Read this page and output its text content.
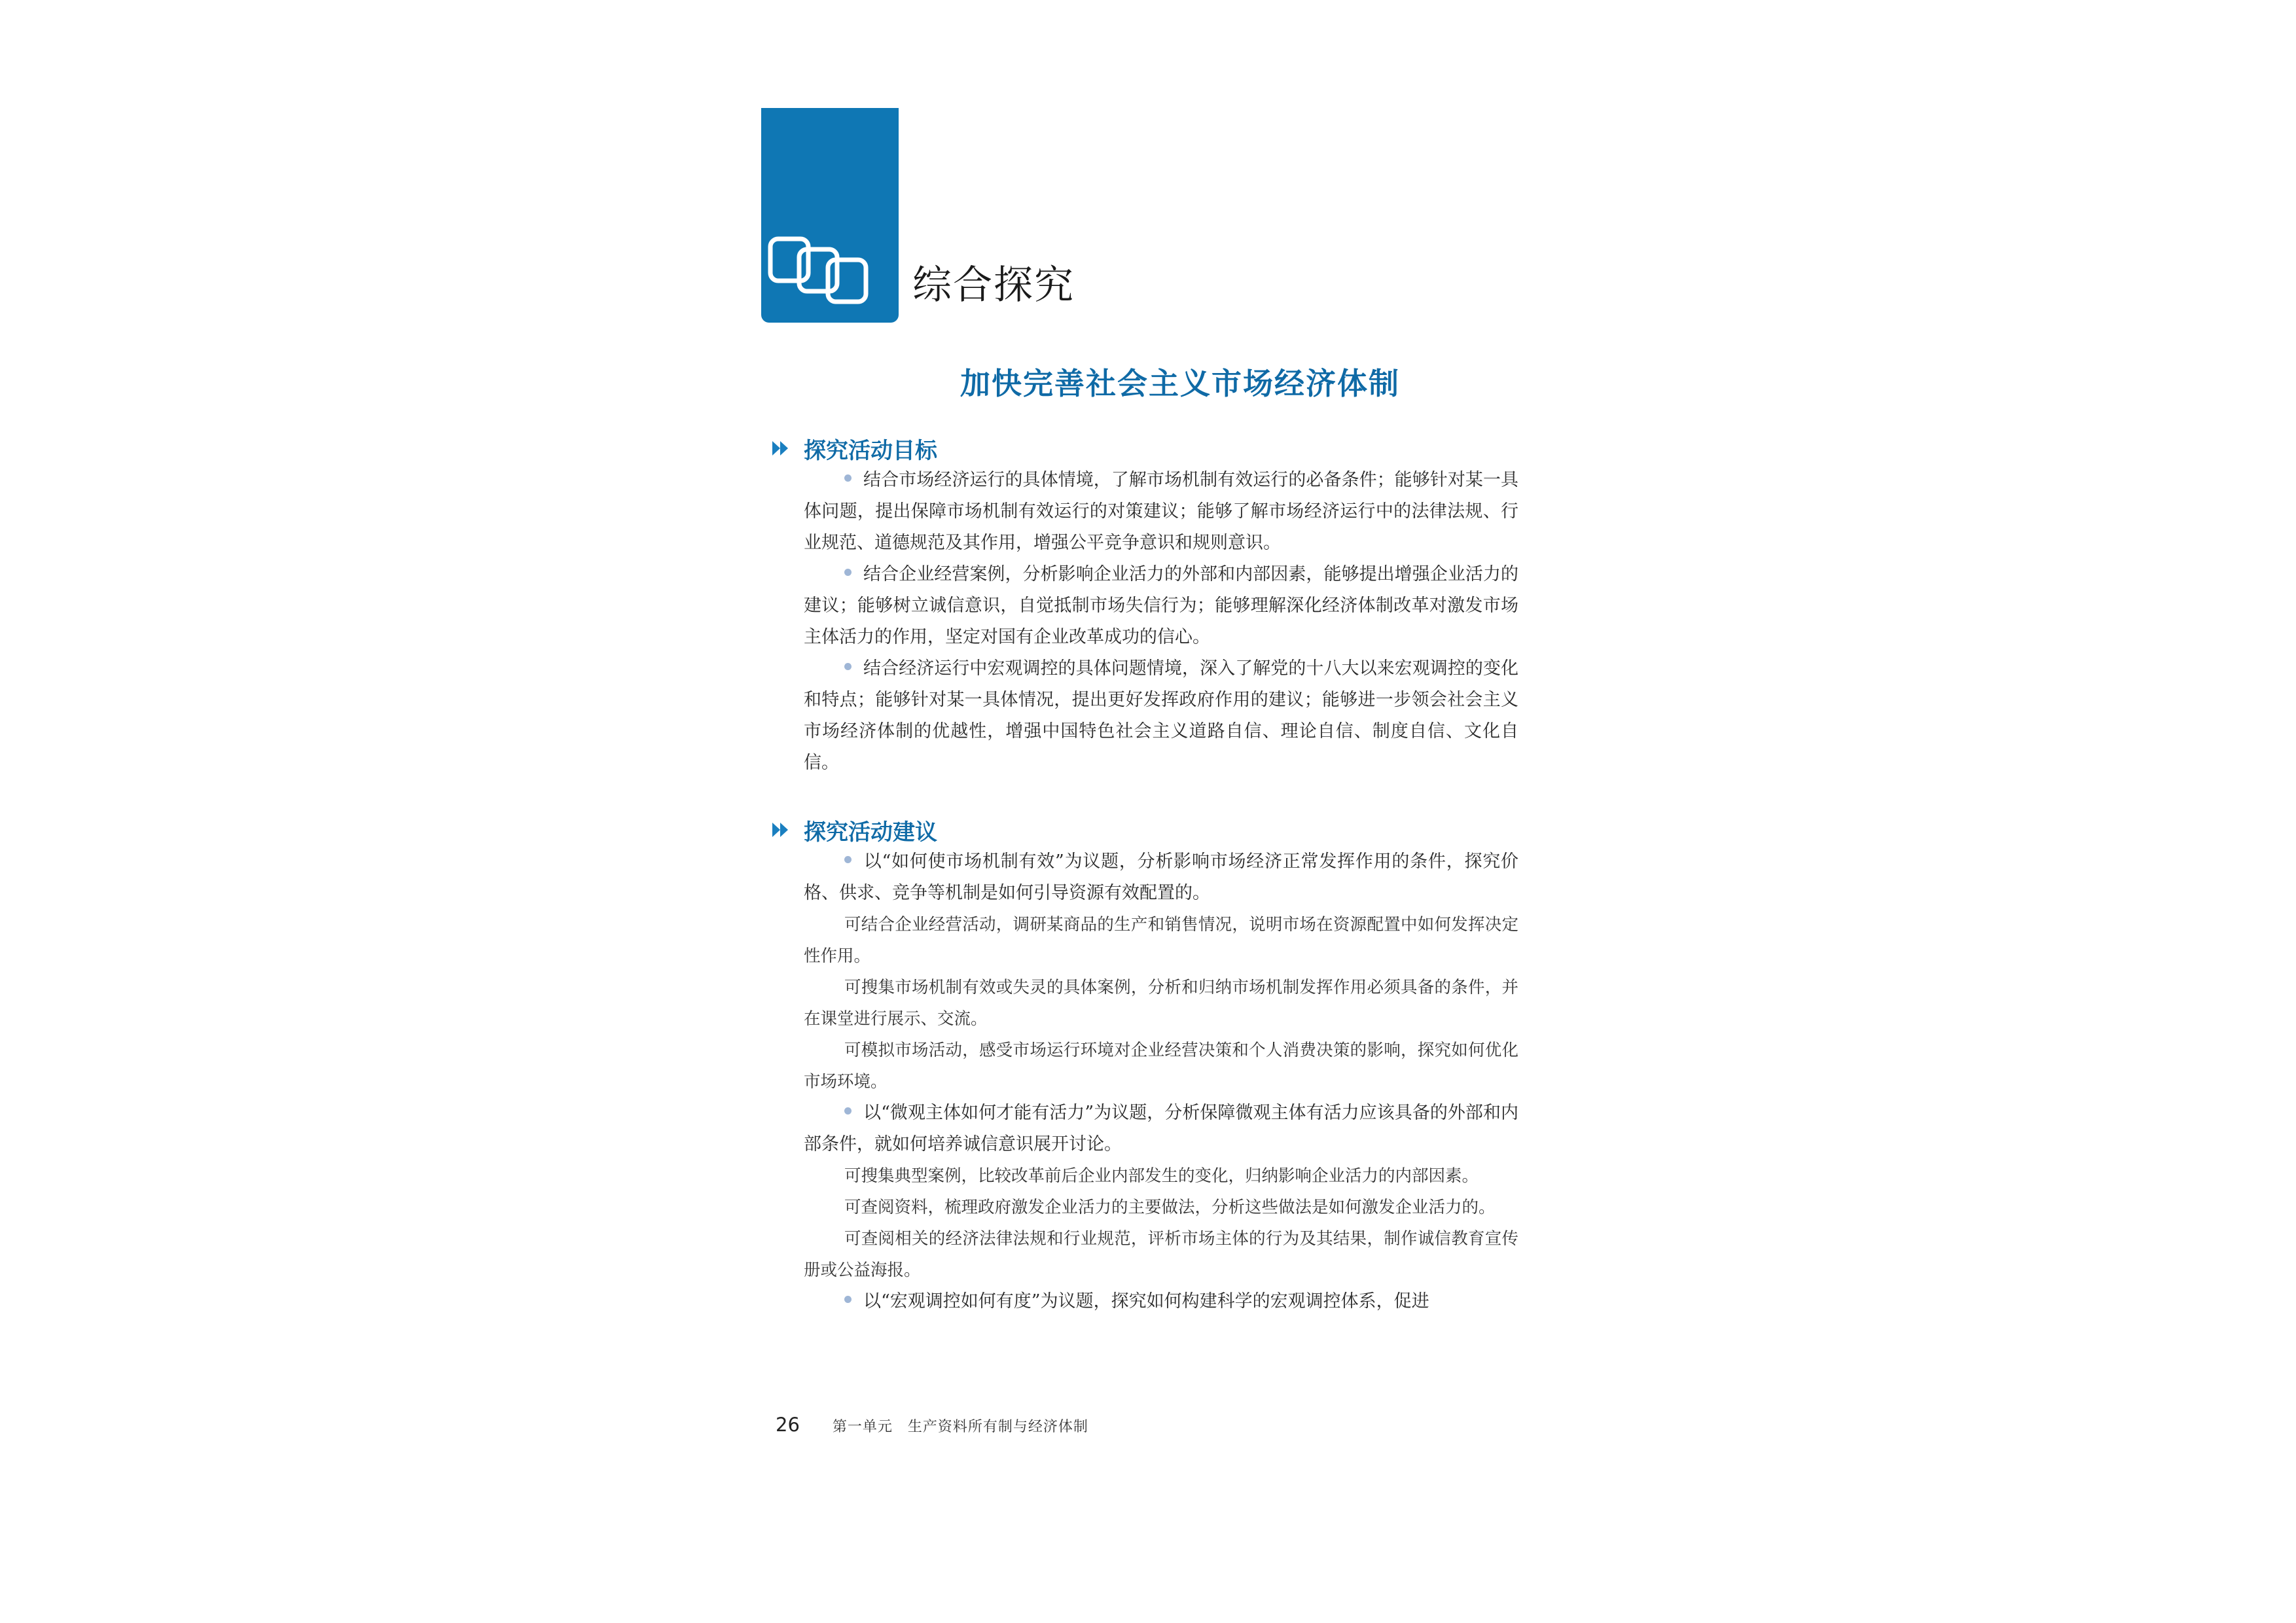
综合探究
加快完善社会主义市场经济体制
探究活动目标

结合市场经济运行的具体情境，了解市场机制有效运行的必备条件；能够针对某一具体问题，提出保障市场机制有效运行的对策建议；能够了解市场经济运行中的法律法规、行业规范、道德规范及其作用，增强公平竞争意识和规则意识。

结合企业经营案例，分析影响企业活力的外部和内部因素，能够提出增强企业活力的建议；能够树立诚信意识，自觉抵制市场失信行为；能够理解深化经济体制改革对激发市场主体活力的作用，坚定对国有企业改革成功的信心。

结合经济运行中宏观调控的具体问题情境，深入了解党的十八大以来宏观调控的变化和特点；能够针对某一具体情况，提出更好发挥政府作用的建议；能够进一步领会社会主义市场经济体制的优越性，增强中国特色社会主义道路自信、理论自信、制度自信、文化自信。

探究活动建议

以“如何使市场机制有效”为议题，分析影响市场经济正常发挥作用的条件，探究价格、供求、竞争等机制是如何引导资源有效配置的。

可结合企业经营活动，调研某商品的生产和销售情况，说明市场在资源配置中如何发挥决定性作用。

可搜集市场机制有效或失灵的具体案例，分析和归纳市场机制发挥作用必须具备的条件，并在课堂进行展示、交流。

可模拟市场活动，感受市场运行环境对企业经营决策和个人消费决策的影响，探究如何优化市场环境。

以“微观主体如何才能有活力”为议题，分析保障微观主体有活力应该具备的外部和内部条件，就如何培养诚信意识展开讨论。

可搜集典型案例，比较改革前后企业内部发生的变化，归纳影响企业活力的内部因素。

可查阅资料，梳理政府激发企业活力的主要做法，分析这些做法是如何激发企业活力的。

可查阅相关的经济法律法规和行业规范，评析市场主体的行为及其结果，制作诚信教育宣传册或公益海报。

以“宏观调控如何有度”为议题，探究如何构建科学的宏观调控体系，促进

26 第一单元　生产资料所有制与经济体制
